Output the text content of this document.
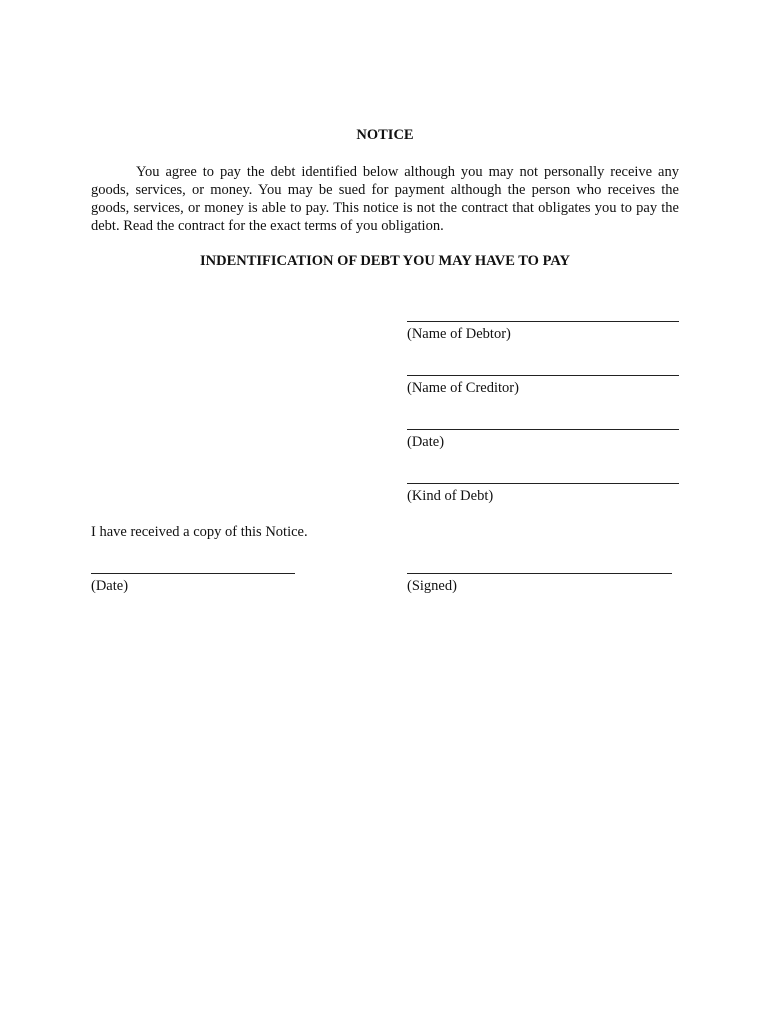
NOTICE

You agree to pay the debt identified below although you may not personally receive any goods, services, or money. You may be sued for payment although the person who receives the goods, services, or money is able to pay. This notice is not the contract that obligates you to pay the debt. Read the contract for the exact terms of you obligation.

INDENTIFICATION OF DEBT YOU MAY HAVE TO PAY
(Name of Debtor)
(Name of Creditor)
(Date)
(Kind of Debt)
I have received a copy of this Notice.
(Date)	(Signed)
